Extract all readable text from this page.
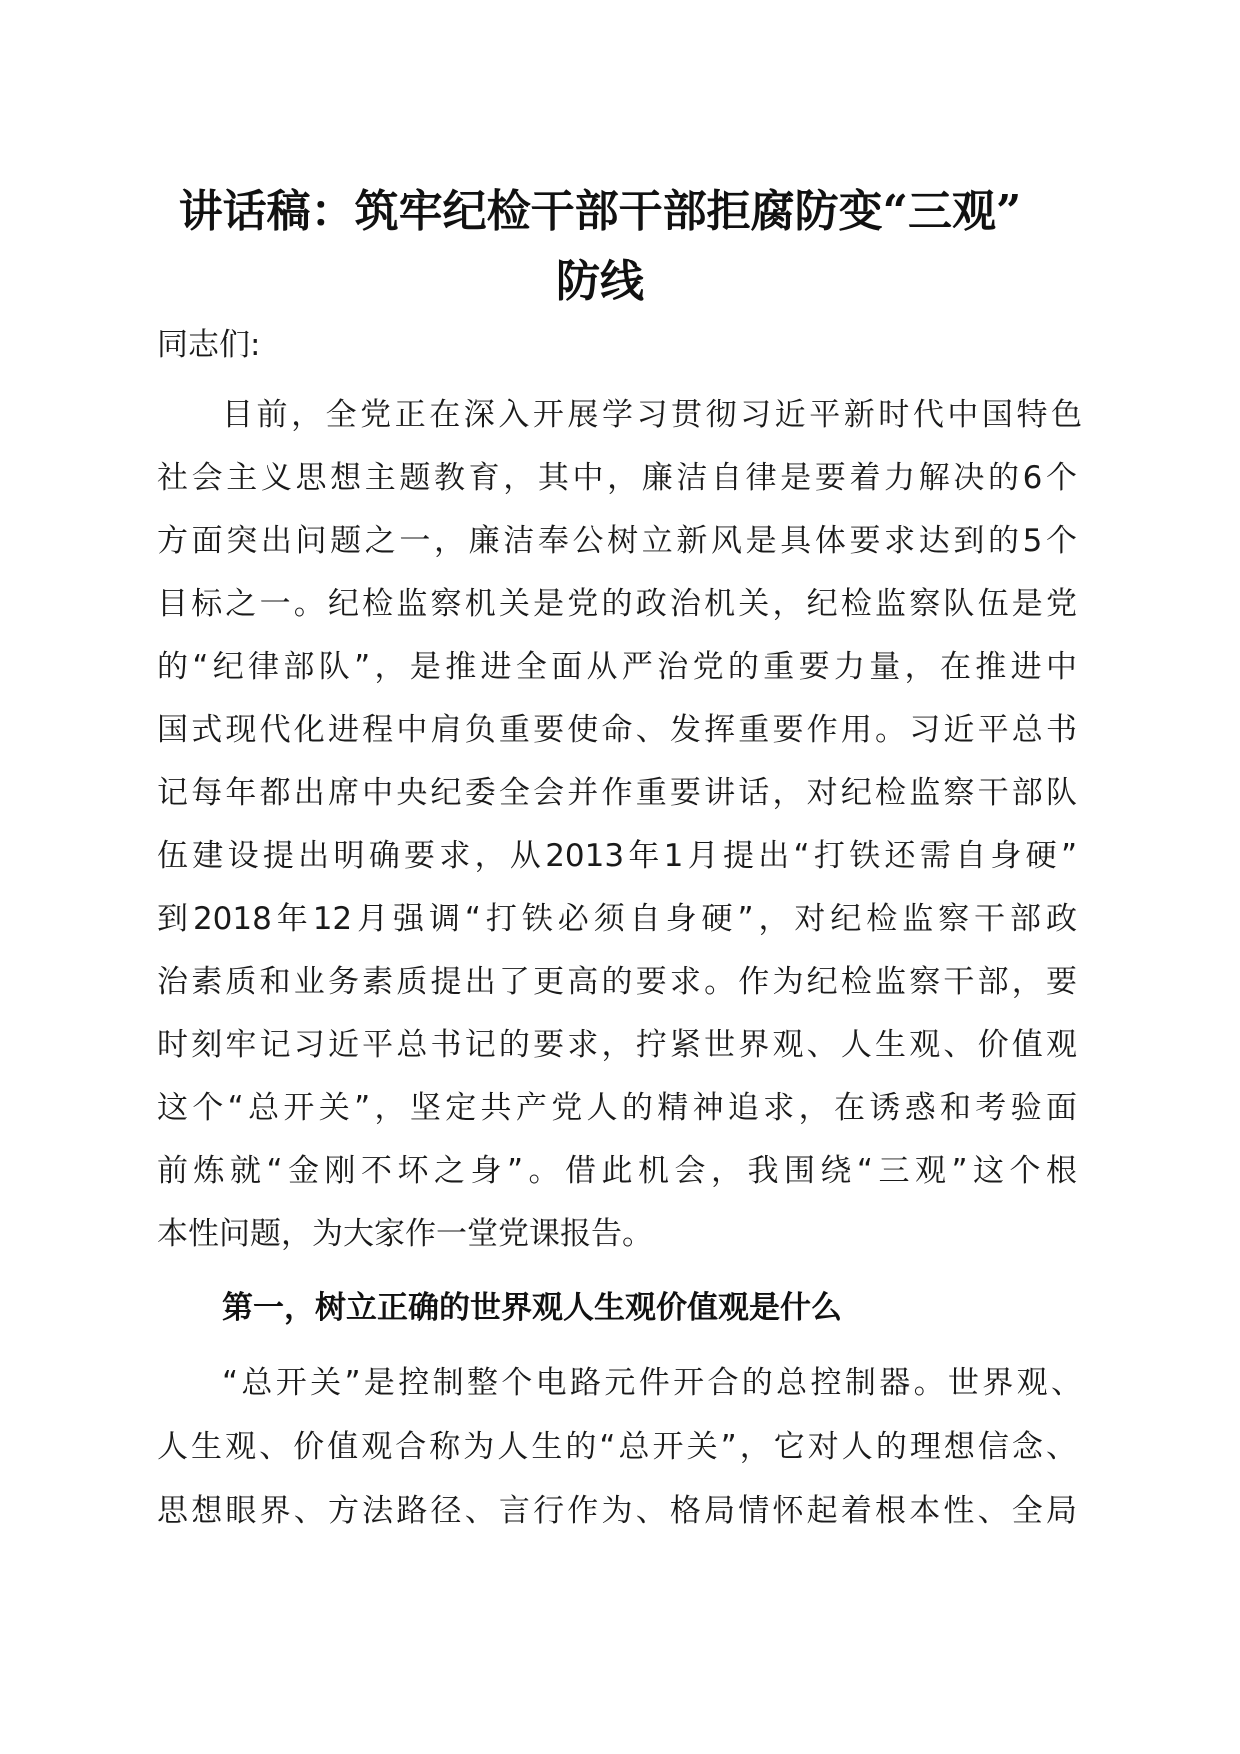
讲话稿：筑牢纪检干部干部拒腐防变“三观”
防线

同志们:

目前，全党正在深入开展学习贯彻习近平新时代中国特色

社会主义思想主题教育，其中，廉洁自律是要着力解决的6个

方面突出问题之一，廉洁奉公树立新风是具体要求达到的5个

目标之一。纪检监察机关是党的政治机关，纪检监察队伍是党

的“纪律部队”，是推进全面从严治党的重要力量，在推进中

国式现代化进程中肩负重要使命、发挥重要作用。习近平总书

记每年都出席中央纪委全会并作重要讲话，对纪检监察干部队

伍建设提出明确要求，从2013年1月提出“打铁还需自身硬”

到2018年12月强调“打铁必须自身硬”，对纪检监察干部政

治素质和业务素质提出了更高的要求。作为纪检监察干部，要

时刻牢记习近平总书记的要求，拧紧世界观、人生观、价值观

这个“总开关”，坚定共产党人的精神追求，在诱惑和考验面

前炼就“金刚不坏之身”。借此机会，我围绕“三观”这个根

本性问题，为大家作一堂党课报告。

第一，树立正确的世界观人生观价值观是什么

“总开关”是控制整个电路元件开合的总控制器。世界观、

人生观、价值观合称为人生的“总开关”，它对人的理想信念、

思想眼界、方法路径、言行作为、格局情怀起着根本性、全局
